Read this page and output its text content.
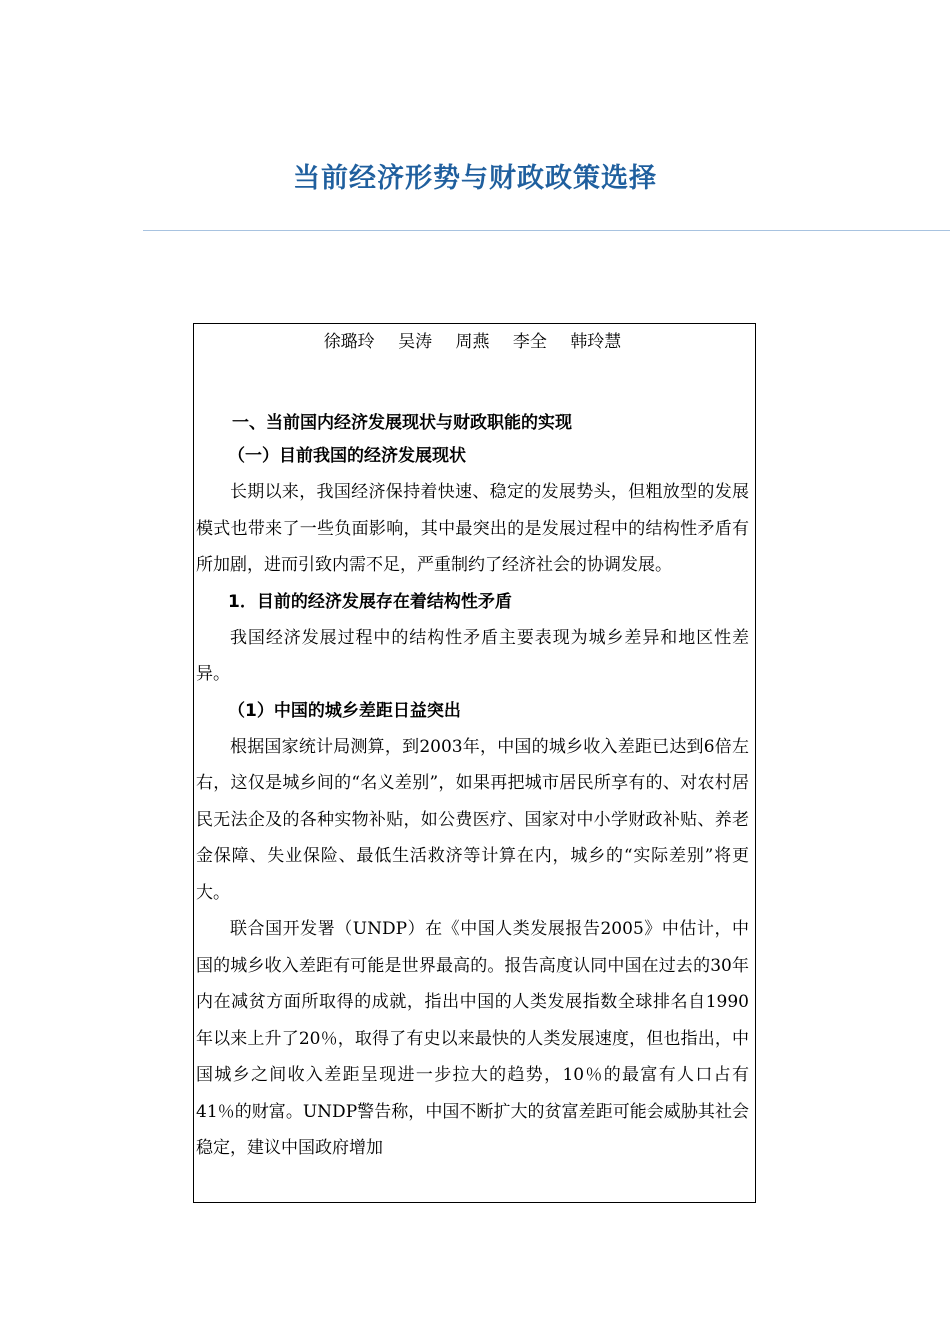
当前经济形势与财政政策选择
徐璐玲 吴涛 周燕 李全 韩玲慧
一、当前国内经济发展现状与财政职能的实现
（一）目前我国的经济发展现状

长期以来，我国经济保持着快速、稳定的发展势头，但粗放型的发展模式也带来了一些负面影响，其中最突出的是发展过程中的结构性矛盾有所加剧，进而引致内需不足，严重制约了经济社会的协调发展。

1．目前的经济发展存在着结构性矛盾

我国经济发展过程中的结构性矛盾主要表现为城乡差异和地区性差异。

（1）中国的城乡差距日益突出

根据国家统计局测算，到2003年，中国的城乡收入差距已达到6倍左右，这仅是城乡间的“名义差别”，如果再把城市居民所享有的、对农村居民无法企及的各种实物补贴，如公费医疗、国家对中小学财政补贴、养老金保障、失业保险、最低生活救济等计算在内，城乡的“实际差别”将更大。

联合国开发署（UNDP）在《中国人类发展报告2005》中估计，中国的城乡收入差距有可能是世界最高的。报告高度认同中国在过去的30年内在减贫方面所取得的成就，指出中国的人类发展指数全球排名自1990年以来上升了20％，取得了有史以来最快的人类发展速度，但也指出，中国城乡之间收入差距呈现进一步拉大的趋势，10％的最富有人口占有41％的财富。UNDP警告称，中国不断扩大的贫富差距可能会威胁其社会稳定，建议中国政府增加
